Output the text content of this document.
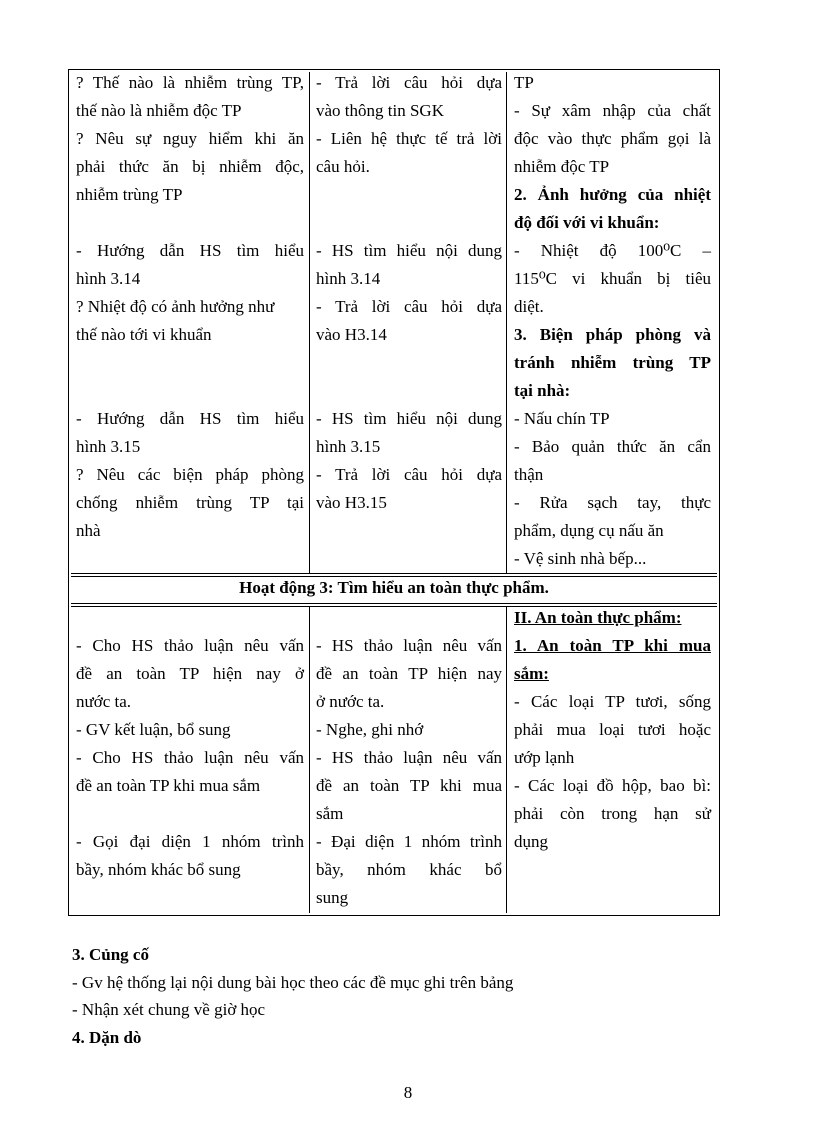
? Thế nào là nhiễm trùng TP,
thế nào là nhiễm độc TP
? Nêu sự nguy hiểm khi ăn
phải thức ăn bị nhiễm độc,
nhiễm trùng TP
- Hướng dẫn HS tìm hiểu
hình 3.14
? Nhiệt độ có ảnh hưởng như
thế nào tới vi khuẩn
- Hướng dẫn HS tìm hiểu
hình 3.15
? Nêu các biện pháp phòng
chống nhiễm trùng TP tại
nhà
- Trả lời câu hỏi dựa
vào thông tin SGK
- Liên hệ thực tế trả lời
câu hỏi.
- HS tìm hiểu nội dung
hình 3.14
- Trả lời câu hỏi dựa
vào H3.14
- HS tìm hiểu nội dung
hình 3.15
- Trả lời câu hỏi dựa
vào H3.15
TP
- Sự xâm nhập của chất
độc vào thực phẩm gọi là
nhiễm độc TP
2. Ảnh hưởng của nhiệt
độ đối với vi khuẩn:
- Nhiệt độ 100⁰C –
115⁰C vi khuẩn bị tiêu
diệt.
3. Biện pháp phòng và
tránh nhiễm trùng TP
tại nhà:
- Nấu chín TP
- Bảo quản thức ăn cẩn
thận
- Rửa sạch tay, thực
phẩm, dụng cụ nấu ăn
- Vệ sinh nhà bếp...
Hoạt động 3: Tìm hiểu an toàn thực phẩm.
- Cho HS thảo luận nêu vấn
đề an toàn TP hiện nay ở
nước ta.
- GV kết luận, bổ sung
- Cho HS thảo luận nêu vấn
đề an toàn TP khi mua sắm
- Gọi đại diện 1 nhóm trình
bầy, nhóm khác bổ sung
- HS thảo luận nêu vấn
đề an toàn TP hiện nay
ở nước ta.
- Nghe, ghi nhớ
- HS thảo luận nêu vấn
đề an toàn TP khi mua
sắm
- Đại diện 1 nhóm trình
bầy, nhóm khác bổ
sung
II. An toàn thực phẩm:
1. An toàn TP khi mua
sắm:
- Các loại TP tươi, sống
phải mua loại tươi hoặc
ướp lạnh
- Các loại đồ hộp, bao bì:
phải còn trong hạn sử
dụng
3. Củng cố
- Gv hệ thống lại nội dung bài học theo các đề mục ghi trên bảng
- Nhận xét chung về giờ học
4. Dặn dò
8
